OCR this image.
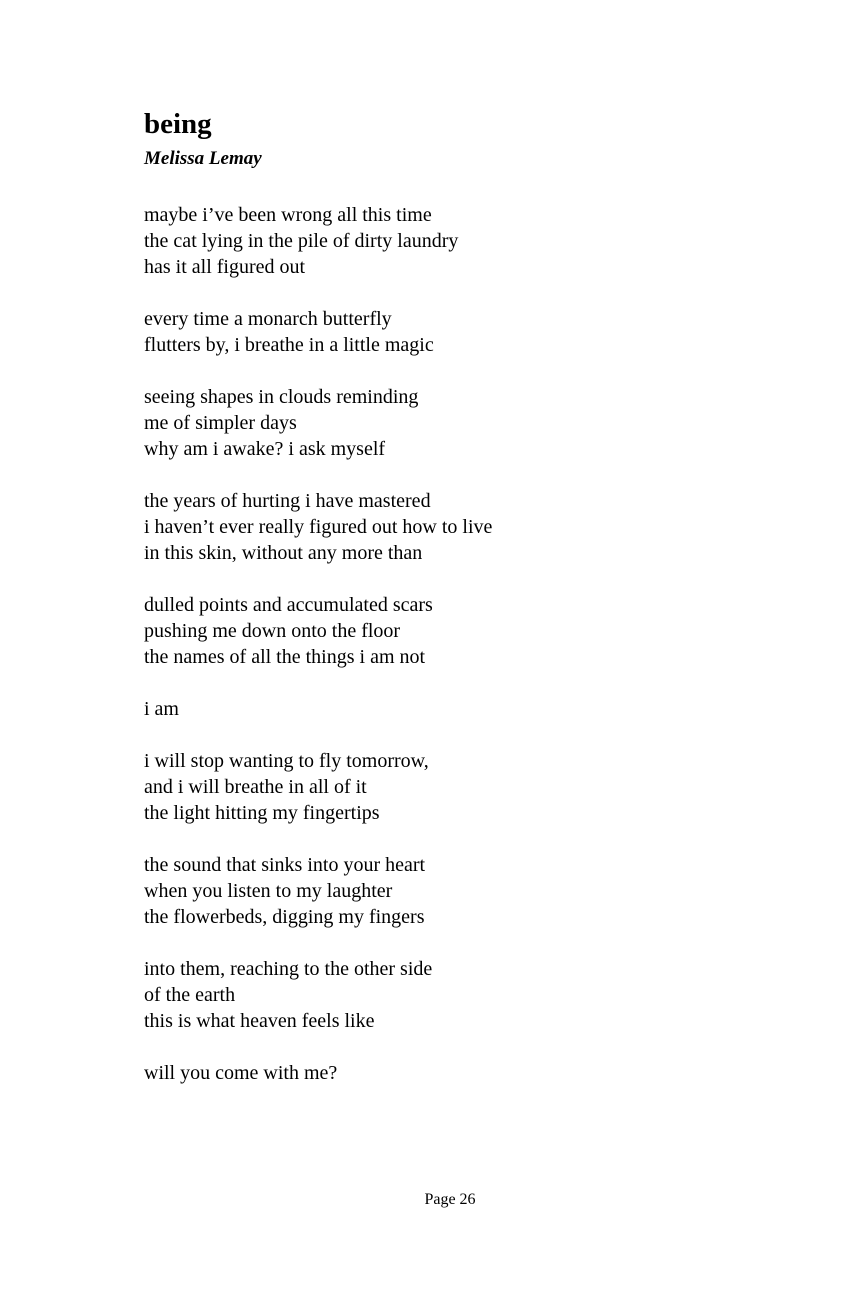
being

Melissa Lemay

maybe i’ve been wrong all this time
the cat lying in the pile of dirty laundry
has it all figured out
every time a monarch butterfly
flutters by, i breathe in a little magic
seeing shapes in clouds reminding
me of simpler days
why am i awake? i ask myself
the years of hurting i have mastered
i haven’t ever really figured out how to live
in this skin, without any more than
dulled points and accumulated scars
pushing me down onto the floor
the names of all the things i am not
i am
i will stop wanting to fly tomorrow,
and i will breathe in all of it
the light hitting my fingertips
the sound that sinks into your heart
when you listen to my laughter
the flowerbeds, digging my fingers
into them, reaching to the other side
of the earth
this is what heaven feels like
will you come with me?
Page 26
